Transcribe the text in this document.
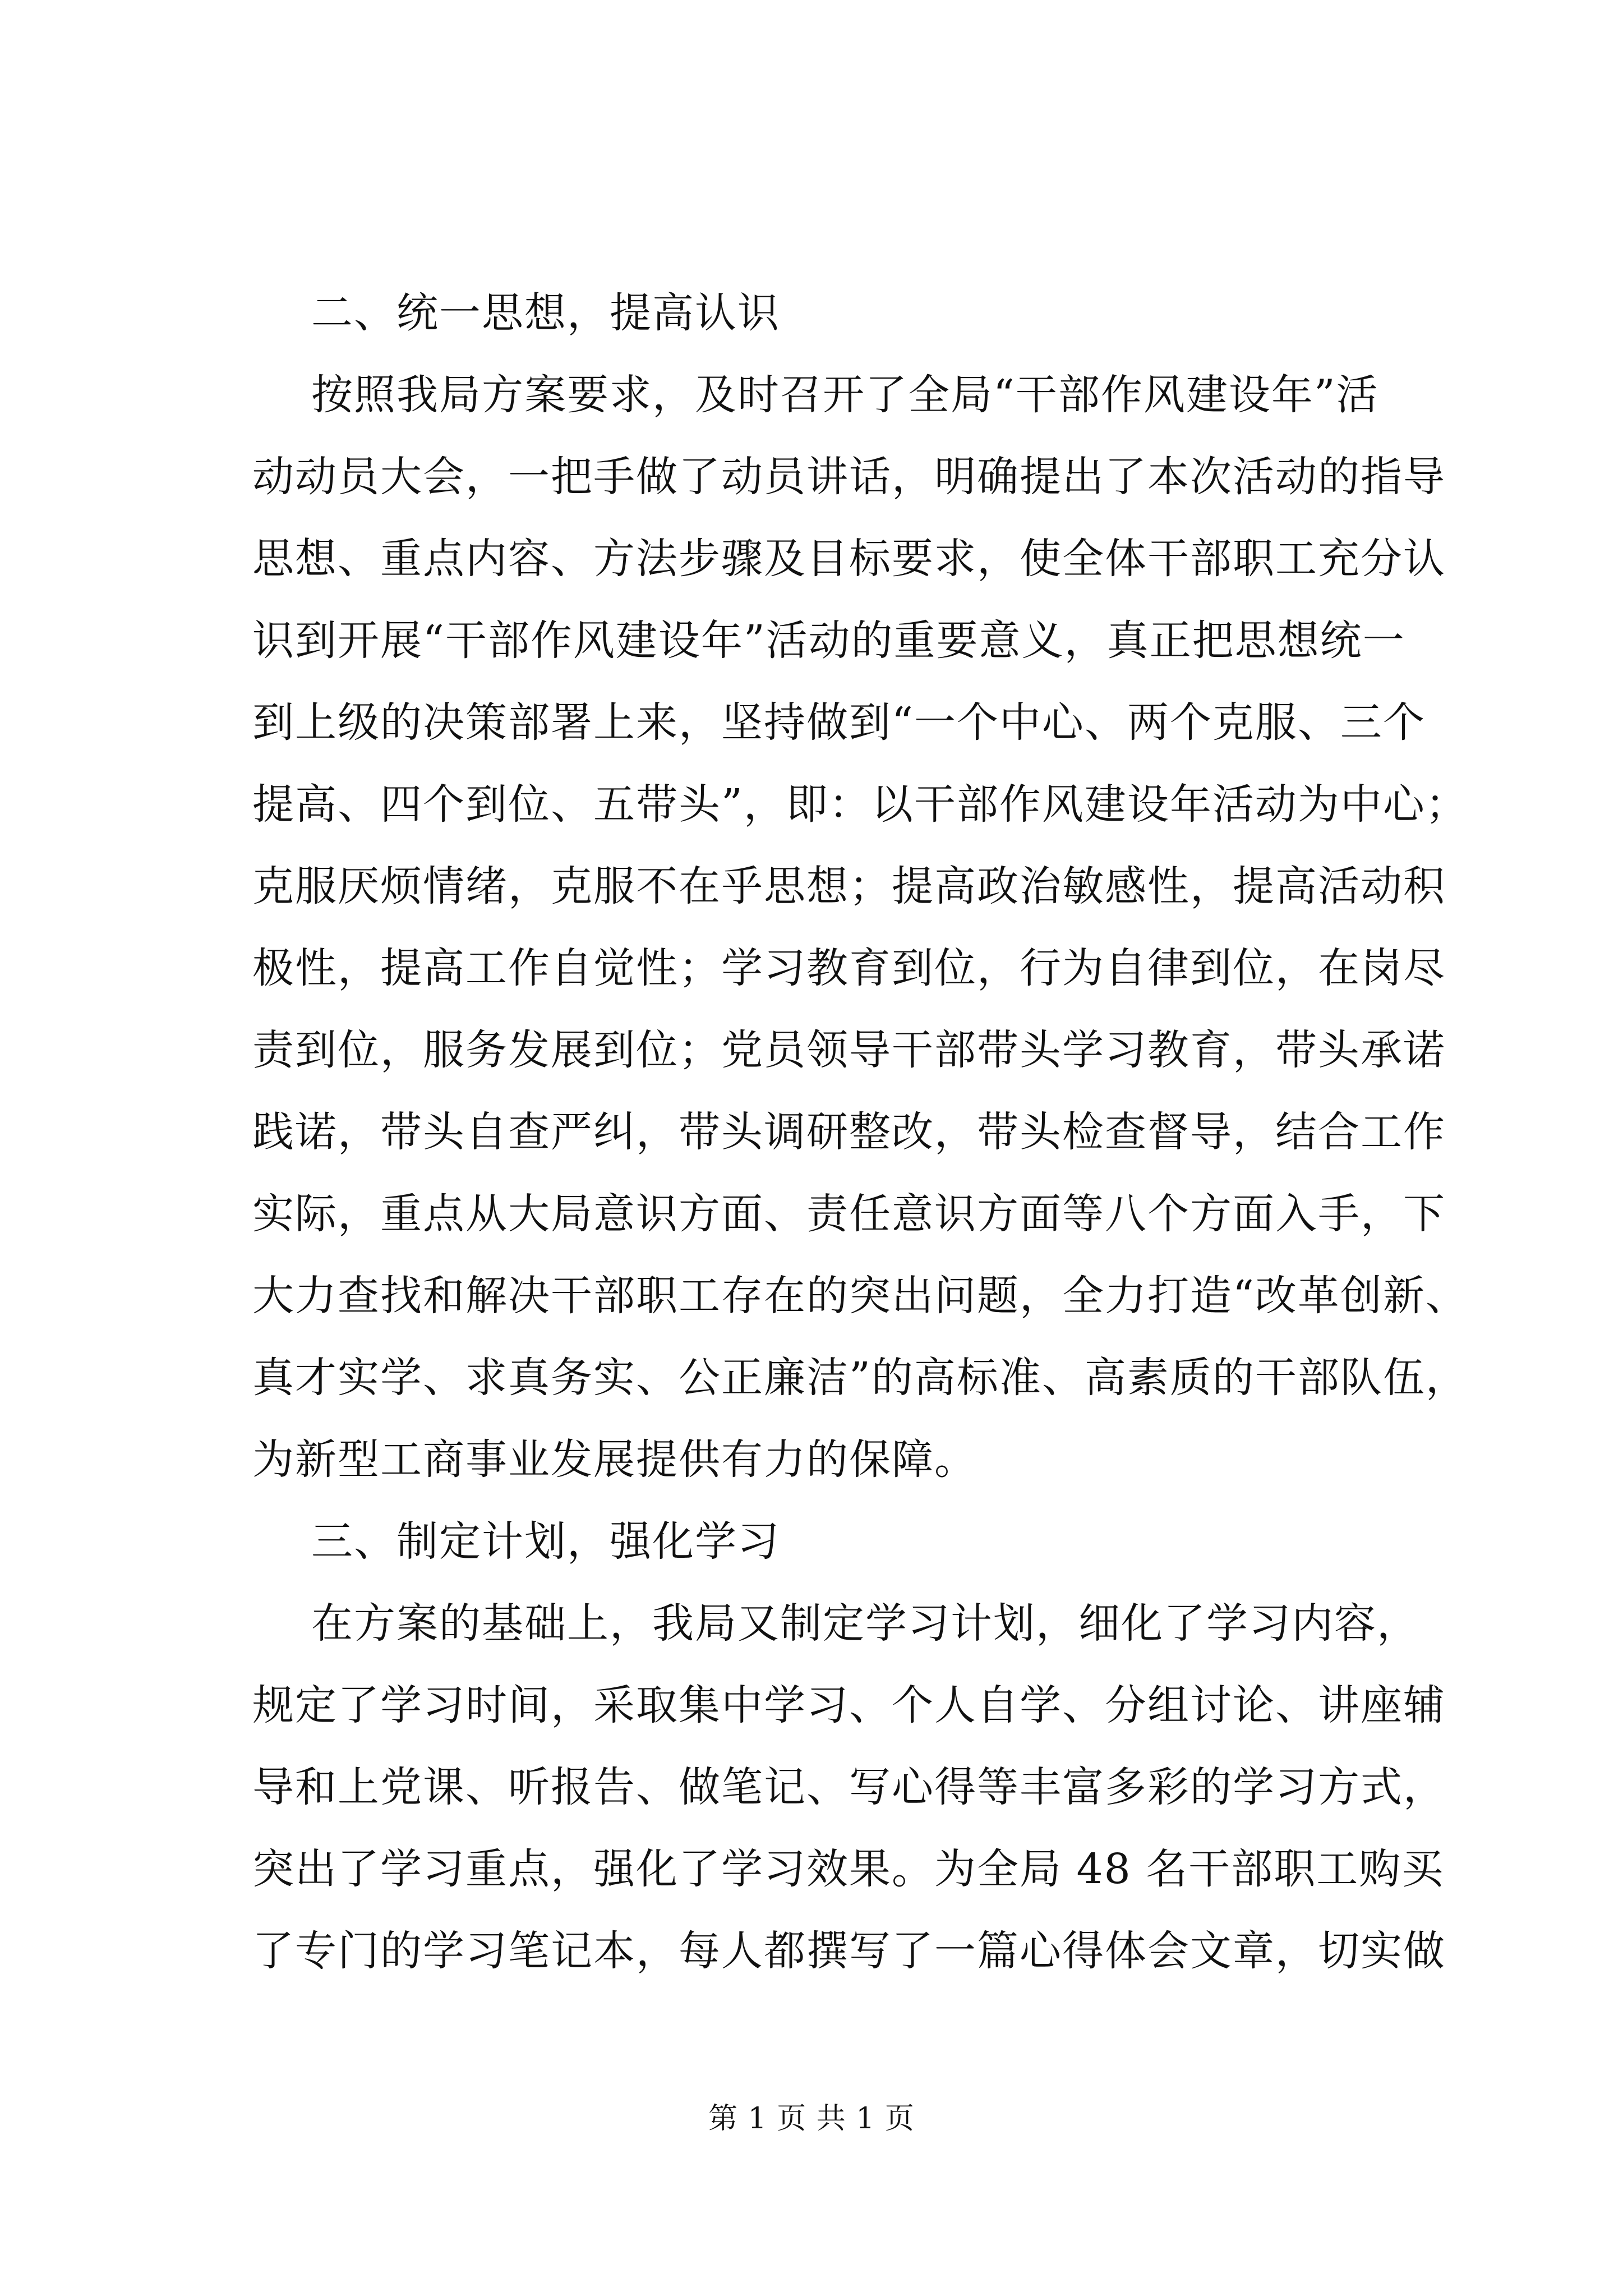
二、统一思想，提高认识
按照我局方案要求，及时召开了全局“干部作风建设年”活
动动员大会，一把手做了动员讲话，明确提出了本次活动的指导
思想、重点内容、方法步骤及目标要求，使全体干部职工充分认
识到开展“干部作风建设年”活动的重要意义，真正把思想统一
到上级的决策部署上来，坚持做到“一个中心、两个克服、三个
提高、四个到位、五带头”，即：以干部作风建设年活动为中心；
克服厌烦情绪，克服不在乎思想；提高政治敏感性，提高活动积
极性，提高工作自觉性；学习教育到位，行为自律到位，在岗尽
责到位，服务发展到位；党员领导干部带头学习教育，带头承诺
践诺，带头自查严纠，带头调研整改，带头检查督导，结合工作
实际，重点从大局意识方面、责任意识方面等八个方面入手，下
大力查找和解决干部职工存在的突出问题，全力打造“改革创新、
真才实学、求真务实、公正廉洁”的高标准、高素质的干部队伍，
为新型工商事业发展提供有力的保障。
三、制定计划，强化学习
在方案的基础上，我局又制定学习计划，细化了学习内容，
规定了学习时间，采取集中学习、个人自学、分组讨论、讲座辅
导和上党课、听报告、做笔记、写心得等丰富多彩的学习方式，
突出了学习重点，强化了学习效果。为全局 48 名干部职工购买
了专门的学习笔记本，每人都撰写了一篇心得体会文章，切实做
第 1 页 共 1 页
